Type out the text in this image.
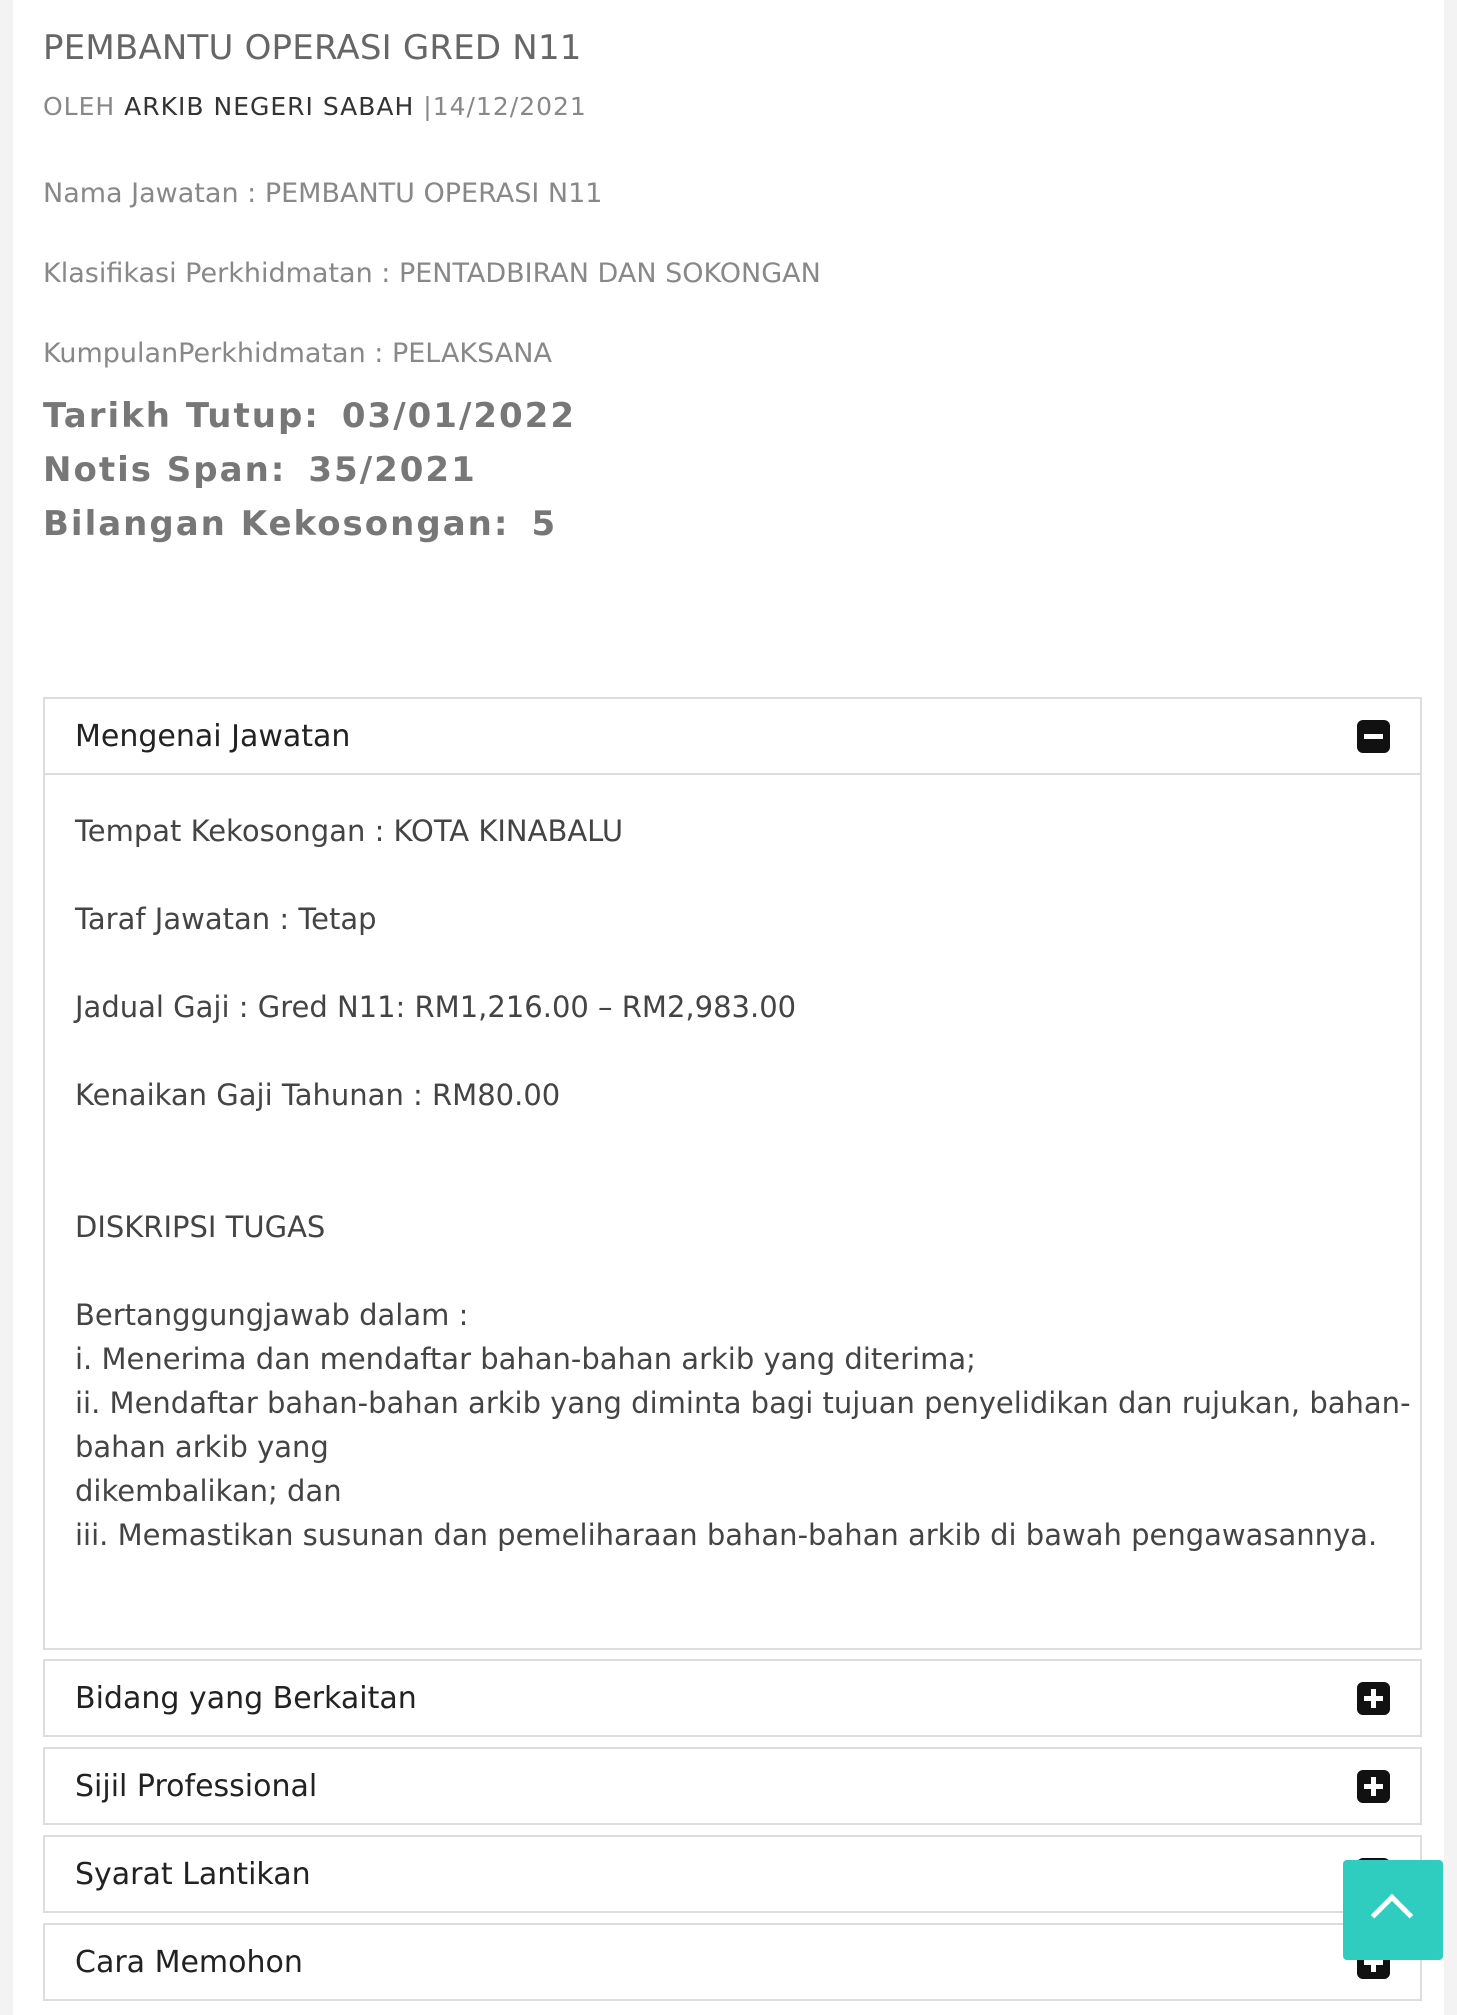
PEMBANTU OPERASI GRED N11
OLEH ARKIB NEGERI SABAH |14/12/2021
Nama Jawatan : PEMBANTU OPERASI N11
Klasifikasi Perkhidmatan : PENTADBIRAN DAN SOKONGAN
KumpulanPerkhidmatan : PELAKSANA
Tarikh Tutup: 03/01/2022
Notis Span: 35/2021
Bilangan Kekosongan: 5
Mengenai Jawatan

Tempat Kekosongan : KOTA KINABALU

Taraf Jawatan : Tetap

Jadual Gaji : Gred N11: RM1,216.00 – RM2,983.00

Kenaikan Gaji Tahunan : RM80.00

DISKRIPSI TUGAS

Bertanggungjawab dalam :

i. Menerima dan mendaftar bahan-bahan arkib yang diterima;

ii. Mendaftar bahan-bahan arkib yang diminta bagi tujuan penyelidikan dan rujukan, bahan-

bahan arkib yang

dikembalikan; dan

iii. Memastikan susunan dan pemeliharaan bahan-bahan arkib di bawah pengawasannya.

Bidang yang Berkaitan
Sijil Professional
Syarat Lantikan
Cara Memohon
